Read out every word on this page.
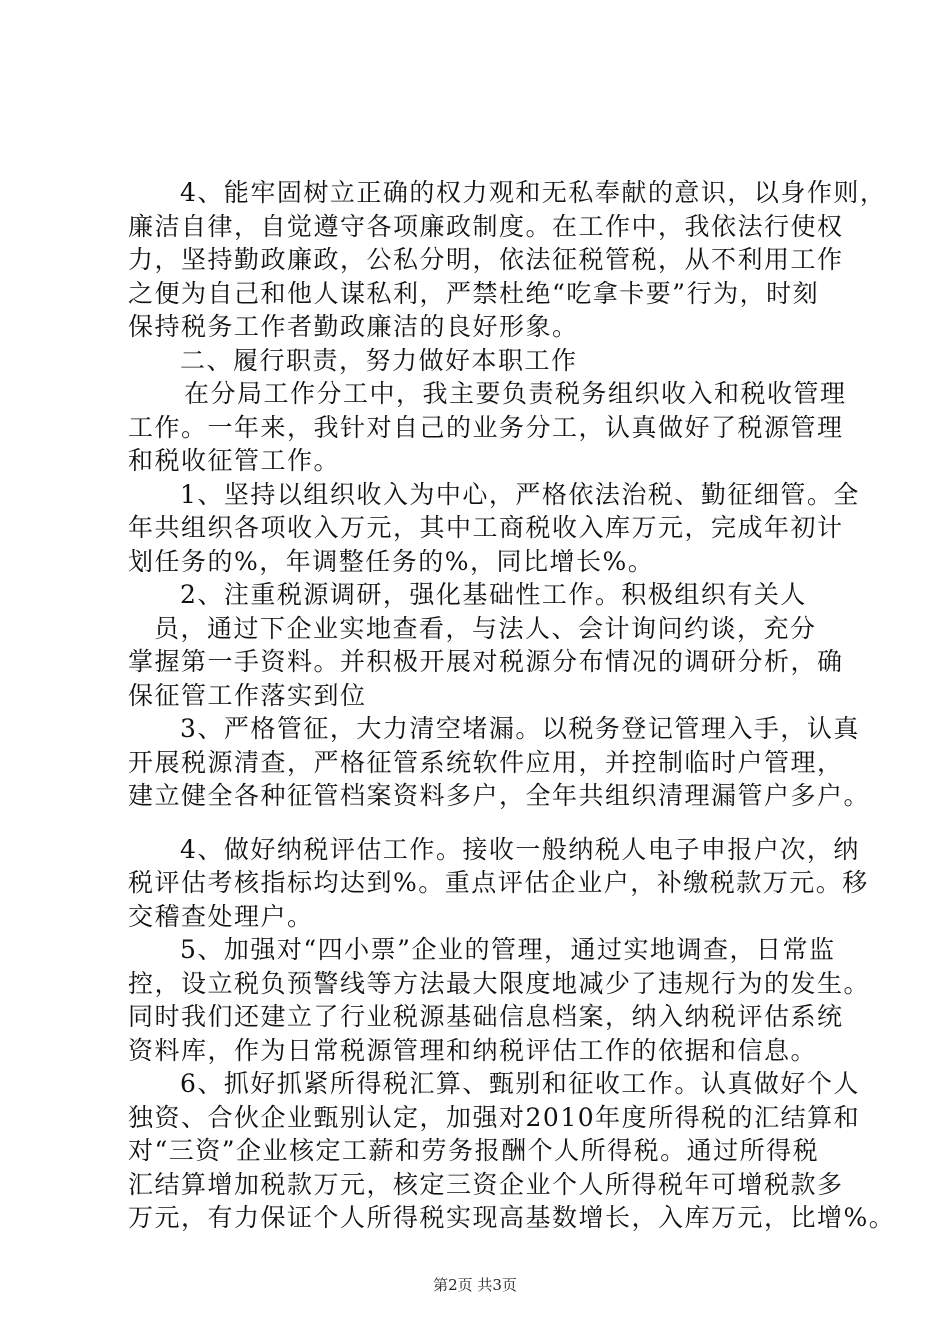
4、能牢固树立正确的权力观和无私奉献的意识，以身作则，
廉洁自律，自觉遵守各项廉政制度。在工作中，我依法行使权
力，坚持勤政廉政，公私分明，依法征税管税，从不利用工作
之便为自己和他人谋私利，严禁杜绝“吃拿卡要”行为，时刻
保持税务工作者勤政廉洁的良好形象。
二、履行职责，努力做好本职工作
在分局工作分工中，我主要负责税务组织收入和税收管理
工作。一年来，我针对自己的业务分工，认真做好了税源管理
和税收征管工作。
1、坚持以组织收入为中心，严格依法治税、勤征细管。全
年共组织各项收入万元，其中工商税收入库万元，完成年初计
划任务的%，年调整任务的%，同比增长%。
2、注重税源调研，强化基础性工作。积极组织有关人
员，通过下企业实地查看，与法人、会计询问约谈，充分
掌握第一手资料。并积极开展对税源分布情况的调研分析，确
保征管工作落实到位
3、严格管征，大力清空堵漏。以税务登记管理入手，认真
开展税源清查，严格征管系统软件应用，并控制临时户管理，
建立健全各种征管档案资料多户，全年共组织清理漏管户多户。
4、做好纳税评估工作。接收一般纳税人电子申报户次，纳
税评估考核指标均达到%。重点评估企业户，补缴税款万元。移
交稽查处理户。
5、加强对“四小票”企业的管理，通过实地调查，日常监
控，设立税负预警线等方法最大限度地减少了违规行为的发生。
同时我们还建立了行业税源基础信息档案，纳入纳税评估系统
资料库，作为日常税源管理和纳税评估工作的依据和信息。
6、抓好抓紧所得税汇算、甄别和征收工作。认真做好个人
独资、合伙企业甄别认定，加强对2010年度所得税的汇结算和
对“三资”企业核定工薪和劳务报酬个人所得税。通过所得税
汇结算增加税款万元，核定三资企业个人所得税年可增税款多
万元，有力保证个人所得税实现高基数增长，入库万元，比增%。
第2页 共3页
